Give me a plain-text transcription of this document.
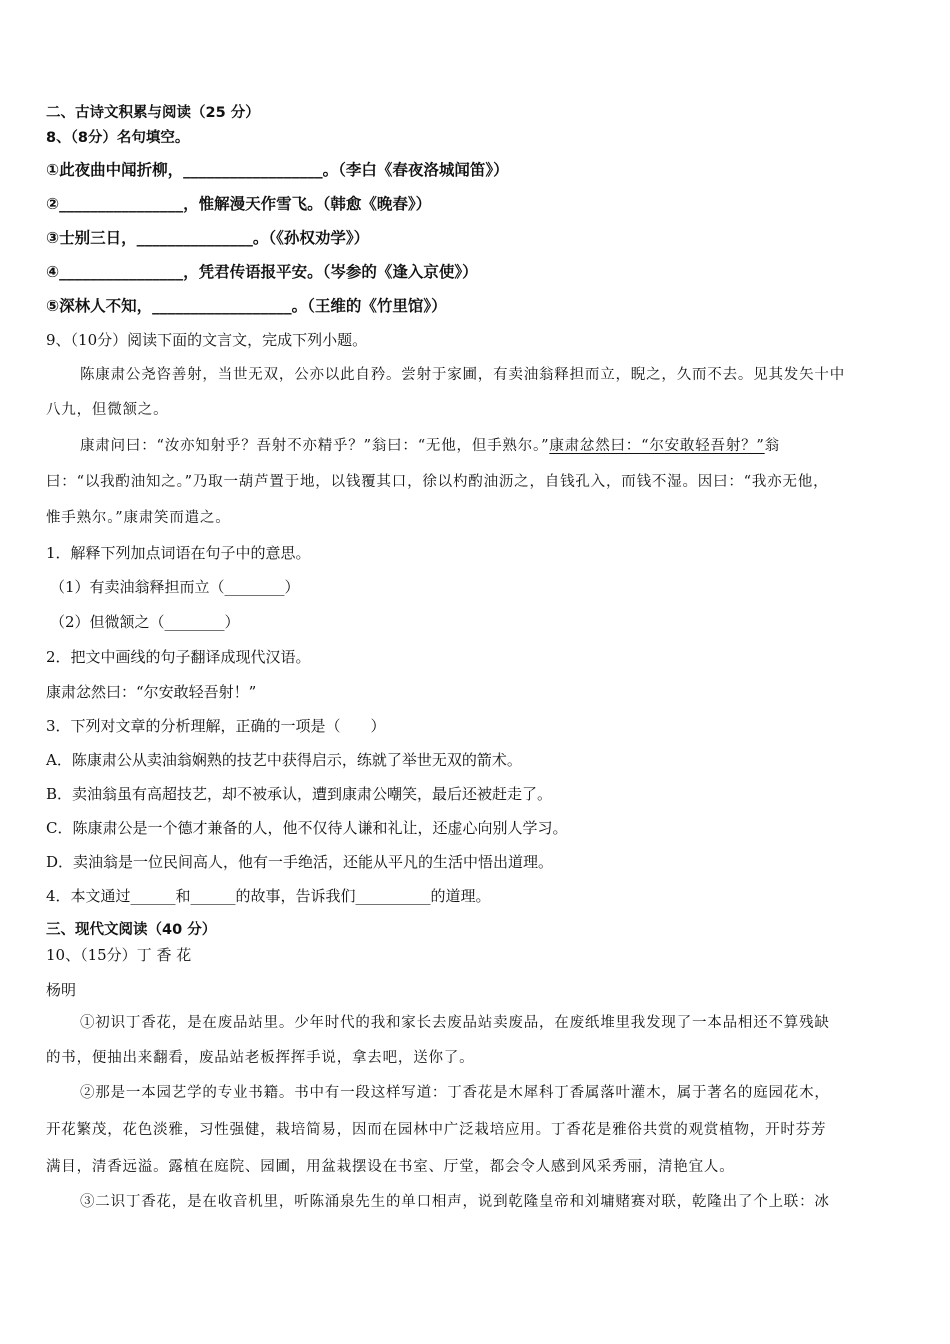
二、古诗文积累与阅读（25 分）
8、（8分）名句填空。
①此夜曲中闻折柳，__________________。（李白《春夜洛城闻笛》）
②________________，惟解漫天作雪飞。（韩愈《晚春》）
③士别三日，_______________。（《孙权劝学》）
④________________，凭君传语报平安。（岑参的《逢入京使》）
⑤深林人不知，__________________。（王维的《竹里馆》）
9、（10分）阅读下面的文言文，完成下列小题。
陈康肃公尧咨善射，当世无双，公亦以此自矜。尝射于家圃，有卖油翁释担而立，睨之，久而不去。见其发矢十中
八九，但微颔之。
康肃问曰：“汝亦知射乎？吾射不亦精乎？”翁曰：“无他，但手熟尔。”康肃忿然曰：“尔安敢轻吾射？”翁
曰：“以我酌油知之。”乃取一葫芦置于地，以钱覆其口，徐以杓酌油沥之，自钱孔入，而钱不湿。因曰：“我亦无他，
惟手熟尔。”康肃笑而遣之。
1．解释下列加点词语在句子中的意思。
（1）有卖油翁释担而立（________）
（2）但微颔之（________）
2．把文中画线的句子翻译成现代汉语。
康肃忿然曰：“尔安敢轻吾射！”
3．下列对文章的分析理解，正确的一项是（　　）
A．陈康肃公从卖油翁娴熟的技艺中获得启示，练就了举世无双的箭术。
B．卖油翁虽有高超技艺，却不被承认，遭到康肃公嘲笑，最后还被赶走了。
C．陈康肃公是一个德才兼备的人，他不仅待人谦和礼让，还虚心向别人学习。
D．卖油翁是一位民间高人，他有一手绝活，还能从平凡的生活中悟出道理。
4．本文通过______和______的故事，告诉我们__________的道理。
三、现代文阅读（40 分）
10、（15分）丁 香 花
杨明
①初识丁香花，是在废品站里。少年时代的我和家长去废品站卖废品，在废纸堆里我发现了一本品相还不算残缺
的书，便抽出来翻看，废品站老板挥挥手说，拿去吧，送你了。
②那是一本园艺学的专业书籍。书中有一段这样写道：丁香花是木犀科丁香属落叶灌木，属于著名的庭园花木，
开花繁茂，花色淡雅，习性强健，栽培简易，因而在园林中广泛栽培应用。丁香花是雅俗共赏的观赏植物，开时芬芳
满目，清香远溢。露植在庭院、园圃，用盆栽摆设在书室、厅堂，都会令人感到风采秀丽，清艳宜人。
③二识丁香花，是在收音机里，听陈涌泉先生的单口相声，说到乾隆皇帝和刘墉赌赛对联，乾隆出了个上联：冰
